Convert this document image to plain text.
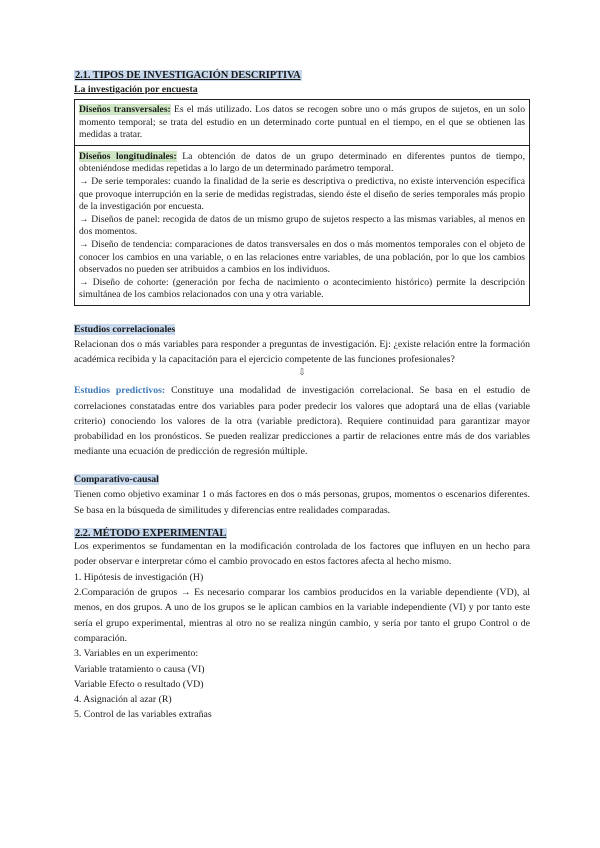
2.1. TIPOS DE INVESTIGACIÓN DESCRIPTIVA
La investigación por encuesta

Diseños transversales: Es el más utilizado. Los datos se recogen sobre uno o más grupos de sujetos, en un solo momento temporal; se trata del estudio en un determinado corte puntual en el tiempo, en el que se obtienen las medidas a tratar.

Diseños longitudinales: La obtención de datos de un grupo determinado en diferentes puntos de tiempo, obteniéndose medidas repetidas a lo largo de un determinado parámetro temporal.

→ De serie temporales: cuando la finalidad de la serie es descriptiva o predictiva, no existe intervención específica que provoque interrupción en la serie de medidas registradas, siendo éste el diseño de series temporales más propio de la investigación por encuesta.

→ Diseños de panel: recogida de datos de un mismo grupo de sujetos respecto a las mismas variables, al menos en dos momentos.

→ Diseño de tendencia: comparaciones de datos transversales en dos o más momentos temporales con el objeto de conocer los cambios en una variable, o en las relaciones entre variables, de una población, por lo que los cambios observados no pueden ser atribuidos a cambios en los individuos.

→ Diseño de cohorte: (generación por fecha de nacimiento o acontecimiento histórico) permite la descripción simultánea de los cambios relacionados con una y otra variable.

Estudios correlacionales

Relacionan dos o más variables para responder a preguntas de investigación. Ej: ¿existe relación entre la formación académica recibida y la capacitación para el ejercicio competente de las funciones profesionales?

⇩

Estudios predictivos: Constituye una modalidad de investigación correlacional. Se basa en el estudio de correlaciones constatadas entre dos variables para poder predecir los valores que adoptará una de ellas (variable criterio) conociendo los valores de la otra (variable predictora). Requiere continuidad para garantizar mayor probabilidad en los pronósticos. Se pueden realizar predicciones a partir de relaciones entre más de dos variables mediante una ecuación de predicción de regresión múltiple.

Comparativo-causal

Tienen como objetivo examinar 1 o más factores en dos o más personas, grupos, momentos o escenarios diferentes. Se basa en la búsqueda de similitudes y diferencias entre realidades comparadas.

2.2. MÉTODO EXPERIMENTAL

Los experimentos se fundamentan en la modificación controlada de los factores que influyen en un hecho para poder observar e interpretar cómo el cambio provocado en estos factores afecta al hecho mismo.

1. Hipótesis de investigación (H)

2.Comparación de grupos → Es necesario comparar los cambios producidos en la variable dependiente (VD), al menos, en dos grupos. A uno de los grupos se le aplican cambios en la variable independiente (VI) y por tanto este sería el grupo experimental, mientras al otro no se realiza ningún cambio, y sería por tanto el grupo Control o de comparación.

3. Variables en un experimento:

Variable tratamiento o causa (VI)

Variable Efecto o resultado (VD)

4. Asignación al azar (R)

5. Control de las variables extrañas
